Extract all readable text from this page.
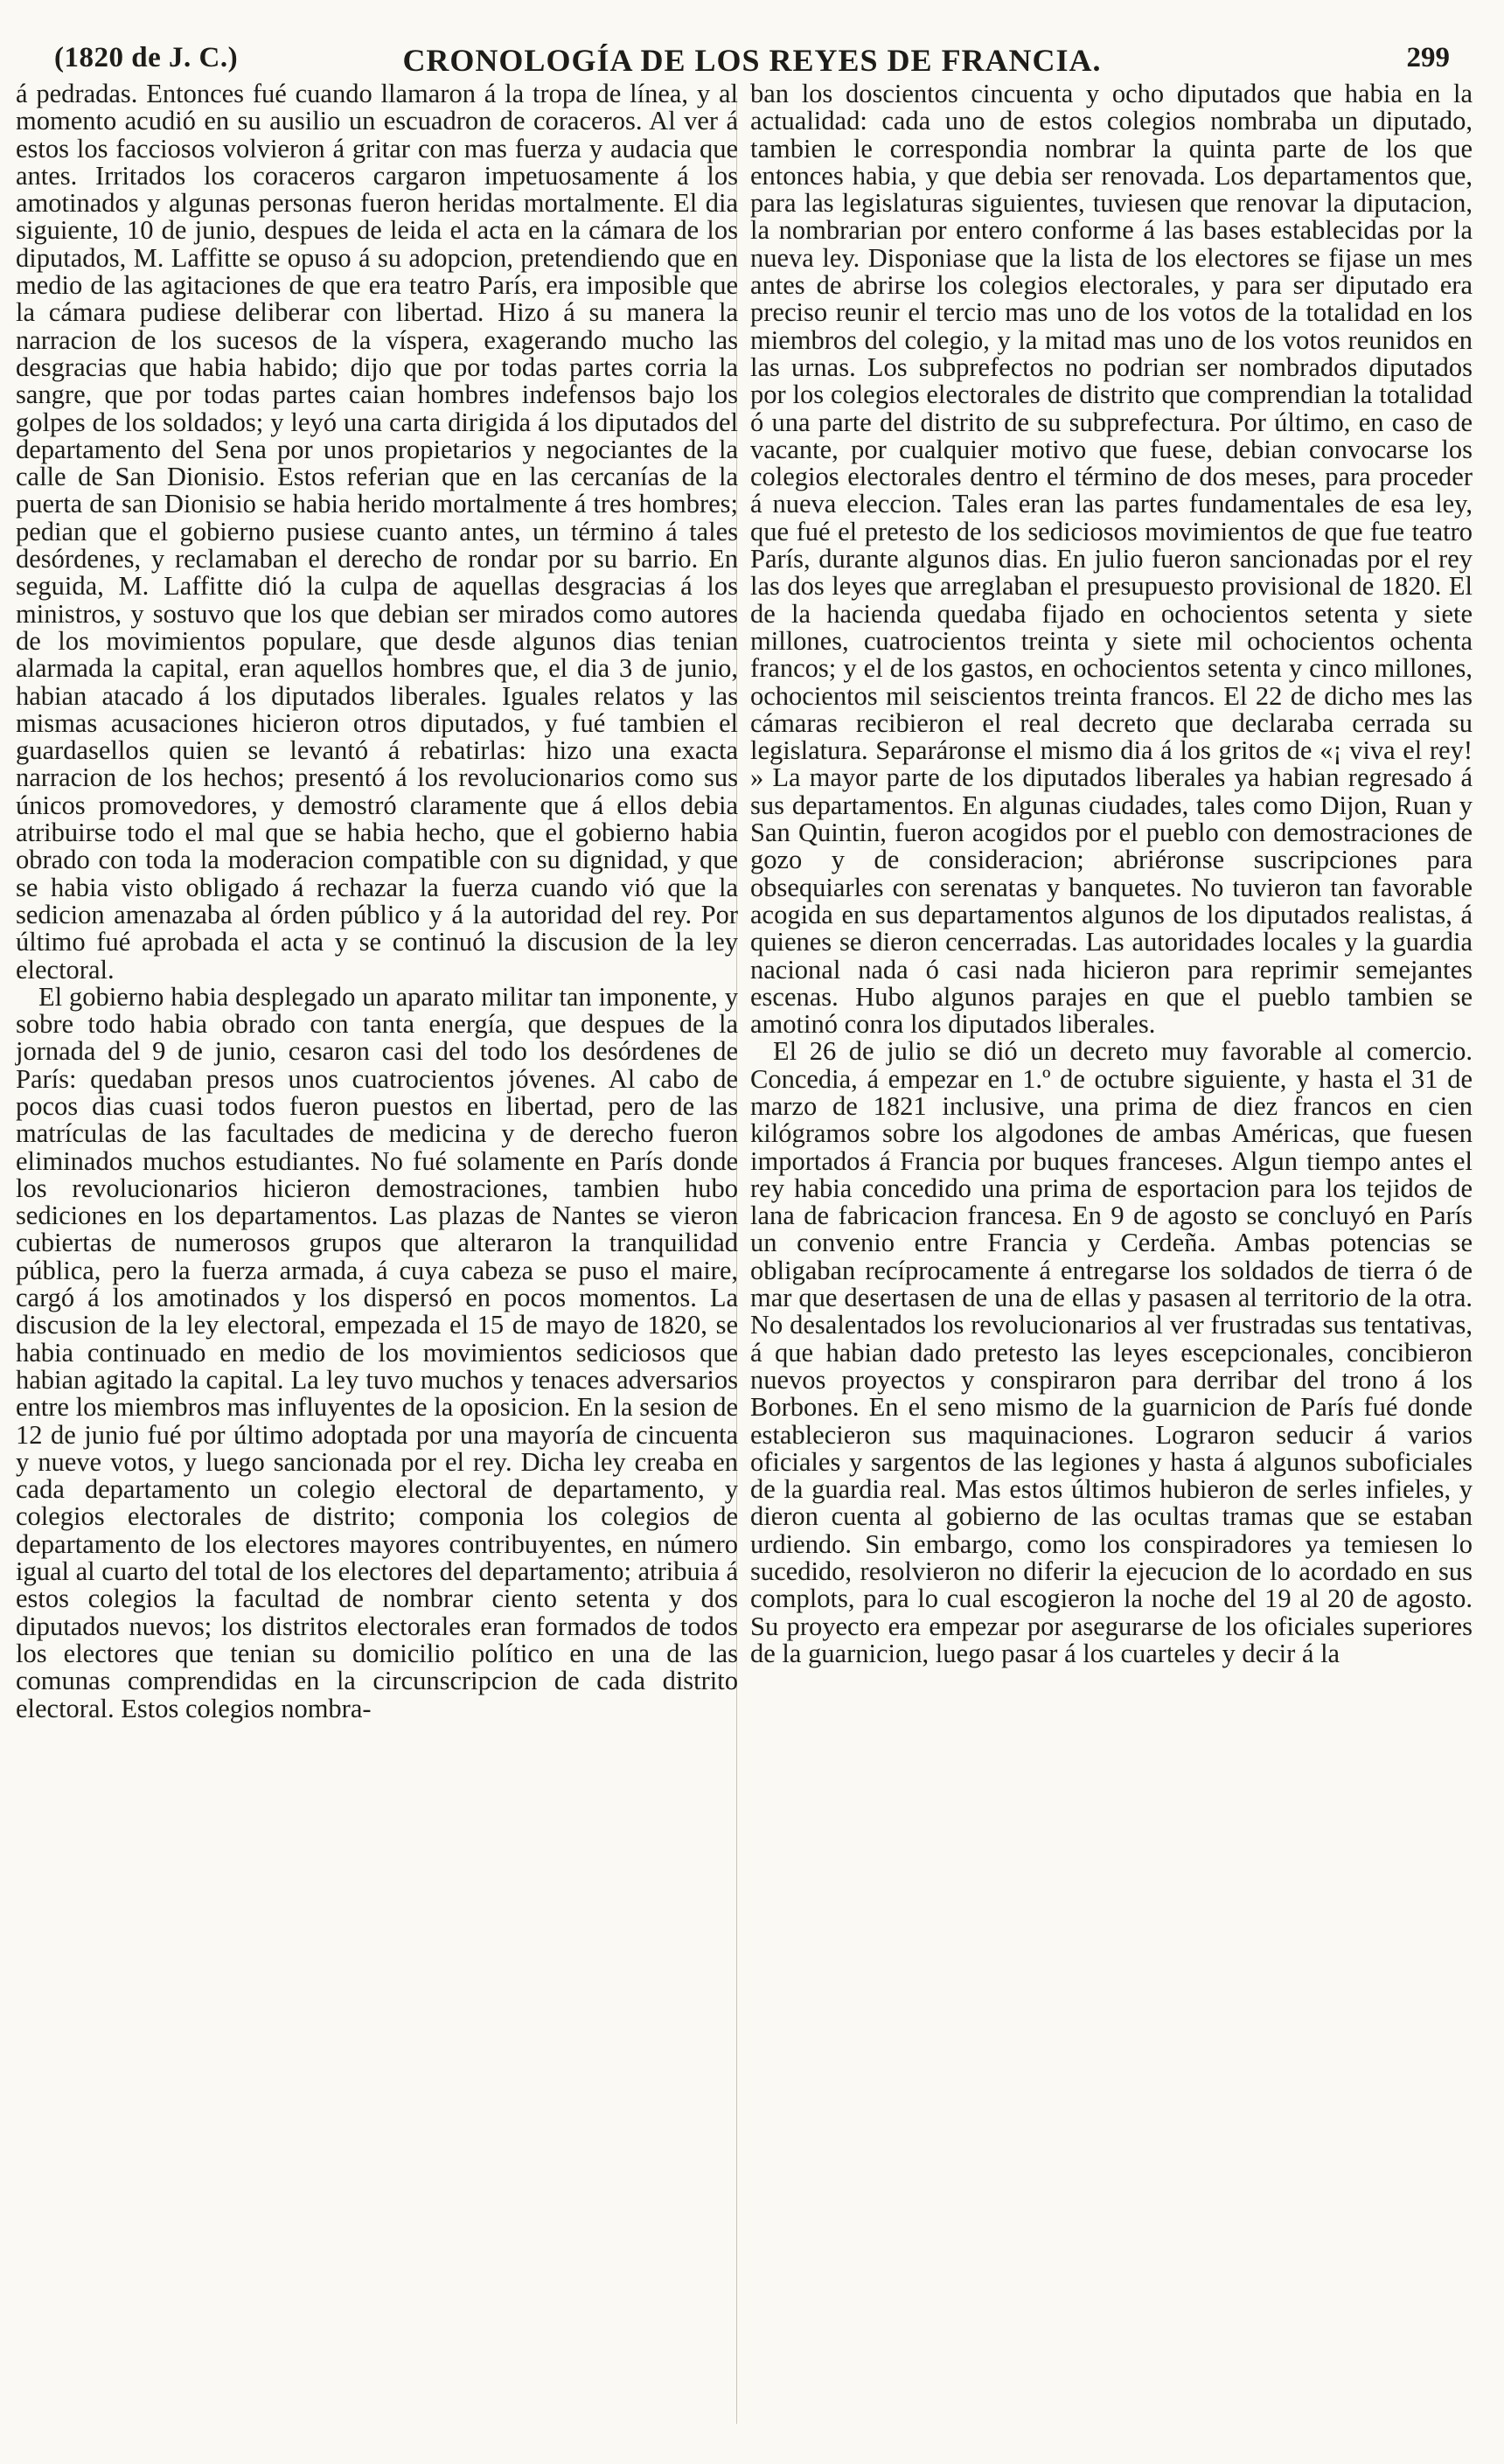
(1820 de J. C.)	CRONOLOGÍA DE LOS REYES DE FRANCIA.	299

á pedradas. Entonces fué cuando llamaron á la tropa de línea, y al momento acudió en su ausilio un escuadron de coraceros. Al ver á estos los facciosos volvieron á gritar con mas fuerza y audacia que antes. Irritados los coraceros cargaron impetuosamente á los amotinados y algunas personas fueron heridas mortalmente. El dia siguiente, 10 de junio, despues de leida el acta en la cámara de los diputados, M. Laffitte se opuso á su adopcion, pretendiendo que en medio de las agitaciones de que era teatro París, era imposible que la cámara pudiese deliberar con libertad. Hizo á su manera la narracion de los sucesos de la víspera, exagerando mucho las desgracias que habia habido; dijo que por todas partes corria la sangre, que por todas partes caian hombres indefensos bajo los golpes de los soldados; y leyó una carta dirigida á los diputados del departamento del Sena por unos propietarios y negociantes de la calle de San Dionisio. Estos referian que en las cercanías de la puerta de san Dionisio se habia herido mortalmente á tres hombres; pedian que el gobierno pusiese cuanto antes, un término á tales desórdenes, y reclamaban el derecho de rondar por su barrio. En seguida, M. Laffitte dió la culpa de aquellas desgracias á los ministros, y sostuvo que los que debian ser mirados como autores de los movimientos populare, que desde algunos dias tenian alarmada la capital, eran aquellos hombres que, el dia 3 de junio, habian atacado á los diputados liberales. Iguales relatos y las mismas acusaciones hicieron otros diputados, y fué tambien el guardasellos quien se levantó á rebatirlas: hizo una exacta narracion de los hechos; presentó á los revolucionarios como sus únicos promovedores, y demostró claramente que á ellos debia atribuirse todo el mal que se habia hecho, que el gobierno habia obrado con toda la moderacion compatible con su dignidad, y que se habia visto obligado á rechazar la fuerza cuando vió que la sedicion amenazaba al órden público y á la autoridad del rey. Por último fué aprobada el acta y se continuó la discusion de la ley electoral.

El gobierno habia desplegado un aparato militar tan imponente, y sobre todo habia obrado con tanta energía, que despues de la jornada del 9 de junio, cesaron casi del todo los desórdenes de París: quedaban presos unos cuatrocientos jóvenes. Al cabo de pocos dias cuasi todos fueron puestos en libertad, pero de las matrículas de las facultades de medicina y de derecho fueron eliminados muchos estudiantes. No fué solamente en París donde los revolucionarios hicieron demostraciones, tambien hubo sediciones en los departamentos. Las plazas de Nantes se vieron cubiertas de numerosos grupos que alteraron la tranquilidad pública, pero la fuerza armada, á cuya cabeza se puso el maire, cargó á los amotinados y los dispersó en pocos momentos. La discusion de la ley electoral, empezada el 15 de mayo de 1820, se habia continuado en medio de los movimientos sediciosos que habian agitado la capital. La ley tuvo muchos y tenaces adversarios entre los miembros mas influyentes de la oposicion. En la sesion de 12 de junio fué por último adoptada por una mayoría de cincuenta y nueve votos, y luego sancionada por el rey. Dicha ley creaba en cada departamento un colegio electoral de departamento, y colegios electorales de distrito; componia los colegios de departamento de los electores mayores contribuyentes, en número igual al cuarto del total de los electores del departamento; atribuia á estos colegios la facultad de nombrar ciento setenta y dos diputados nuevos; los distritos electorales eran formados de todos los electores que tenian su domicilio político en una de las comunas comprendidas en la circunscripcion de cada distrito electoral. Estos colegios nombra-

ban los doscientos cincuenta y ocho diputados que habia en la actualidad: cada uno de estos colegios nombraba un diputado, tambien le correspondia nombrar la quinta parte de los que entonces habia, y que debia ser renovada. Los departamentos que, para las legislaturas siguientes, tuviesen que renovar la diputacion, la nombrarian por entero conforme á las bases establecidas por la nueva ley. Disponiase que la lista de los electores se fijase un mes antes de abrirse los colegios electorales, y para ser diputado era preciso reunir el tercio mas uno de los votos de la totalidad en los miembros del colegio, y la mitad mas uno de los votos reunidos en las urnas. Los subprefectos no podrian ser nombrados diputados por los colegios electorales de distrito que comprendian la totalidad ó una parte del distrito de su subprefectura. Por último, en caso de vacante, por cualquier motivo que fuese, debian convocarse los colegios electorales dentro el término de dos meses, para proceder á nueva eleccion. Tales eran las partes fundamentales de esa ley, que fué el pretesto de los sediciosos movimientos de que fue teatro París, durante algunos dias. En julio fueron sancionadas por el rey las dos leyes que arreglaban el presupuesto provisional de 1820. El de la hacienda quedaba fijado en ochocientos setenta y siete millones, cuatrocientos treinta y siete mil ochocientos ochenta francos; y el de los gastos, en ochocientos setenta y cinco millones, ochocientos mil seiscientos treinta francos. El 22 de dicho mes las cámaras recibieron el real decreto que declaraba cerrada su legislatura. Separáronse el mismo dia á los gritos de «¡ viva el rey! » La mayor parte de los diputados liberales ya habian regresado á sus departamentos. En algunas ciudades, tales como Dijon, Ruan y San Quintin, fueron acogidos por el pueblo con demostraciones de gozo y de consideracion; abriéronse suscripciones para obsequiarles con serenatas y banquetes. No tuvieron tan favorable acogida en sus departamentos algunos de los diputados realistas, á quienes se dieron cencerradas. Las autoridades locales y la guardia nacional nada ó casi nada hicieron para reprimir semejantes escenas. Hubo algunos parajes en que el pueblo tambien se amotinó conra los diputados liberales.

El 26 de julio se dió un decreto muy favorable al comercio. Concedia, á empezar en 1.º de octubre siguiente, y hasta el 31 de marzo de 1821 inclusive, una prima de diez francos en cien kilógramos sobre los algodones de ambas Américas, que fuesen importados á Francia por buques franceses. Algun tiempo antes el rey habia concedido una prima de esportacion para los tejidos de lana de fabricacion francesa. En 9 de agosto se concluyó en París un convenio entre Francia y Cerdeña. Ambas potencias se obligaban recíprocamente á entregarse los soldados de tierra ó de mar que desertasen de una de ellas y pasasen al territorio de la otra. No desalentados los revolucionarios al ver frustradas sus tentativas, á que habian dado pretesto las leyes escepcionales, concibieron nuevos proyectos y conspiraron para derribar del trono á los Borbones. En el seno mismo de la guarnicion de París fué donde establecieron sus maquinaciones. Lograron seducir á varios oficiales y sargentos de las legiones y hasta á algunos suboficiales de la guardia real. Mas estos últimos hubieron de serles infieles, y dieron cuenta al gobierno de las ocultas tramas que se estaban urdiendo. Sin embargo, como los conspiradores ya temiesen lo sucedido, resolvieron no diferir la ejecucion de lo acordado en sus complots, para lo cual escogieron la noche del 19 al 20 de agosto. Su proyecto era empezar por asegurarse de los oficiales superiores de la guarnicion, luego pasar á los cuarteles y decir á la
